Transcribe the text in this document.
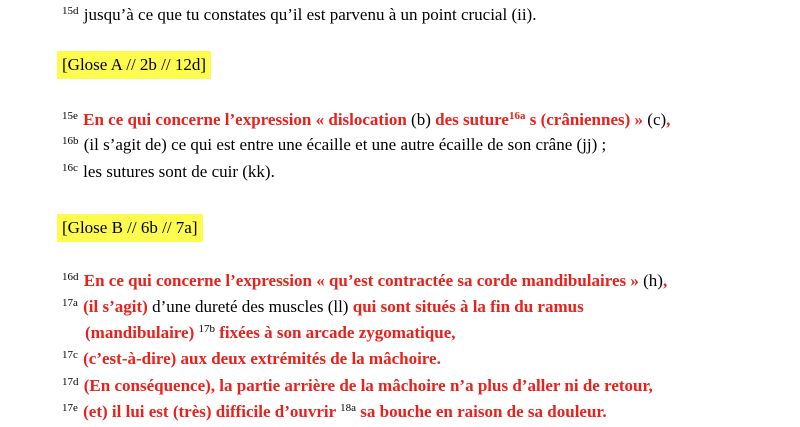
$^{15d}$ jusqu’à ce que tu constates qu’il est parvenu à un point crucial (ii).
[Glose A // 2b // 12d]
$^{15e}$ En ce qui concerne l’expression « dislocation (b) des suture$^{16a}$ s (crâniennes) » (c),
$^{16b}$ (il s’agit de) ce qui est entre une écaille et une autre écaille de son crâne (jj) ;
$^{16c}$ les sutures sont de cuir (kk).
[Glose B // 6b // 7a]
$^{16d}$ En ce qui concerne l’expression « qu’est contractée sa corde mandibulaires » (h),
$^{17a}$ (il s’agit) d’une dureté des muscles (ll) qui sont situés à la fin du ramus
(mandibulaire) $^{17b}$ fixées à son arcade zygomatique,
$^{17c}$ (c’est-à-dire) aux deux extrémités de la mâchoire.
$^{17d}$ (En conséquence), la partie arrière de la mâchoire n’a plus d’aller ni de retour,
$^{17e}$ (et) il lui est (très) difficile d’ouvrir $^{18a}$ sa bouche en raison de sa douleur.
